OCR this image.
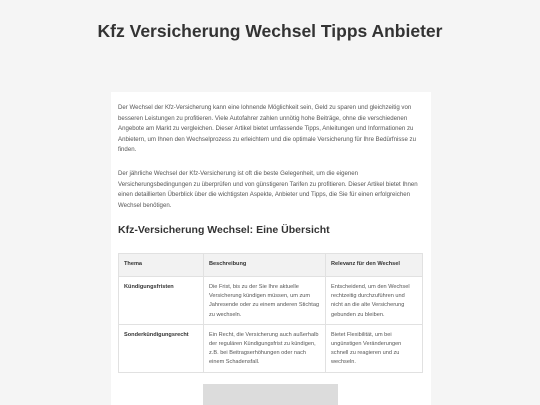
Kfz Versicherung Wechsel Tipps Anbieter

Der Wechsel der Kfz-Versicherung kann eine lohnende Möglichkeit sein, Geld zu sparen und gleichzeitig von besseren Leistungen zu profitieren. Viele Autofahrer zahlen unnötig hohe Beiträge, ohne die verschiedenen Angebote am Markt zu vergleichen. Dieser Artikel bietet umfassende Tipps, Anleitungen und Informationen zu Anbietern, um Ihnen den Wechselprozess zu erleichtern und die optimale Versicherung für Ihre Bedürfnisse zu finden.

Der jährliche Wechsel der Kfz-Versicherung ist oft die beste Gelegenheit, um die eigenen Versicherungsbedingungen zu überprüfen und von günstigeren Tarifen zu profitieren. Dieser Artikel bietet Ihnen einen detaillierten Überblick über die wichtigsten Aspekte, Anbieter und Tipps, die Sie für einen erfolgreichen Wechsel benötigen.

Kfz-Versicherung Wechsel: Eine Übersicht
Thema	Beschreibung	Relevanz für den Wechsel
Kündigungsfristen	Die Frist, bis zu der Sie Ihre aktuelle Versicherung kündigen müssen, um zum Jahresende oder zu einem anderen Stichtag zu wechseln.	Entscheidend, um den Wechsel rechtzeitig durchzuführen und nicht an die alte Versicherung gebunden zu bleiben.
Sonderkündigungsrecht	Ein Recht, die Versicherung auch außerhalb der regulären Kündigungsfrist zu kündigen, z.B. bei Beitragserhöhungen oder nach einem Schadensfall.	Bietet Flexibilität, um bei ungünstigen Veränderungen schnell zu reagieren und zu wechseln.
